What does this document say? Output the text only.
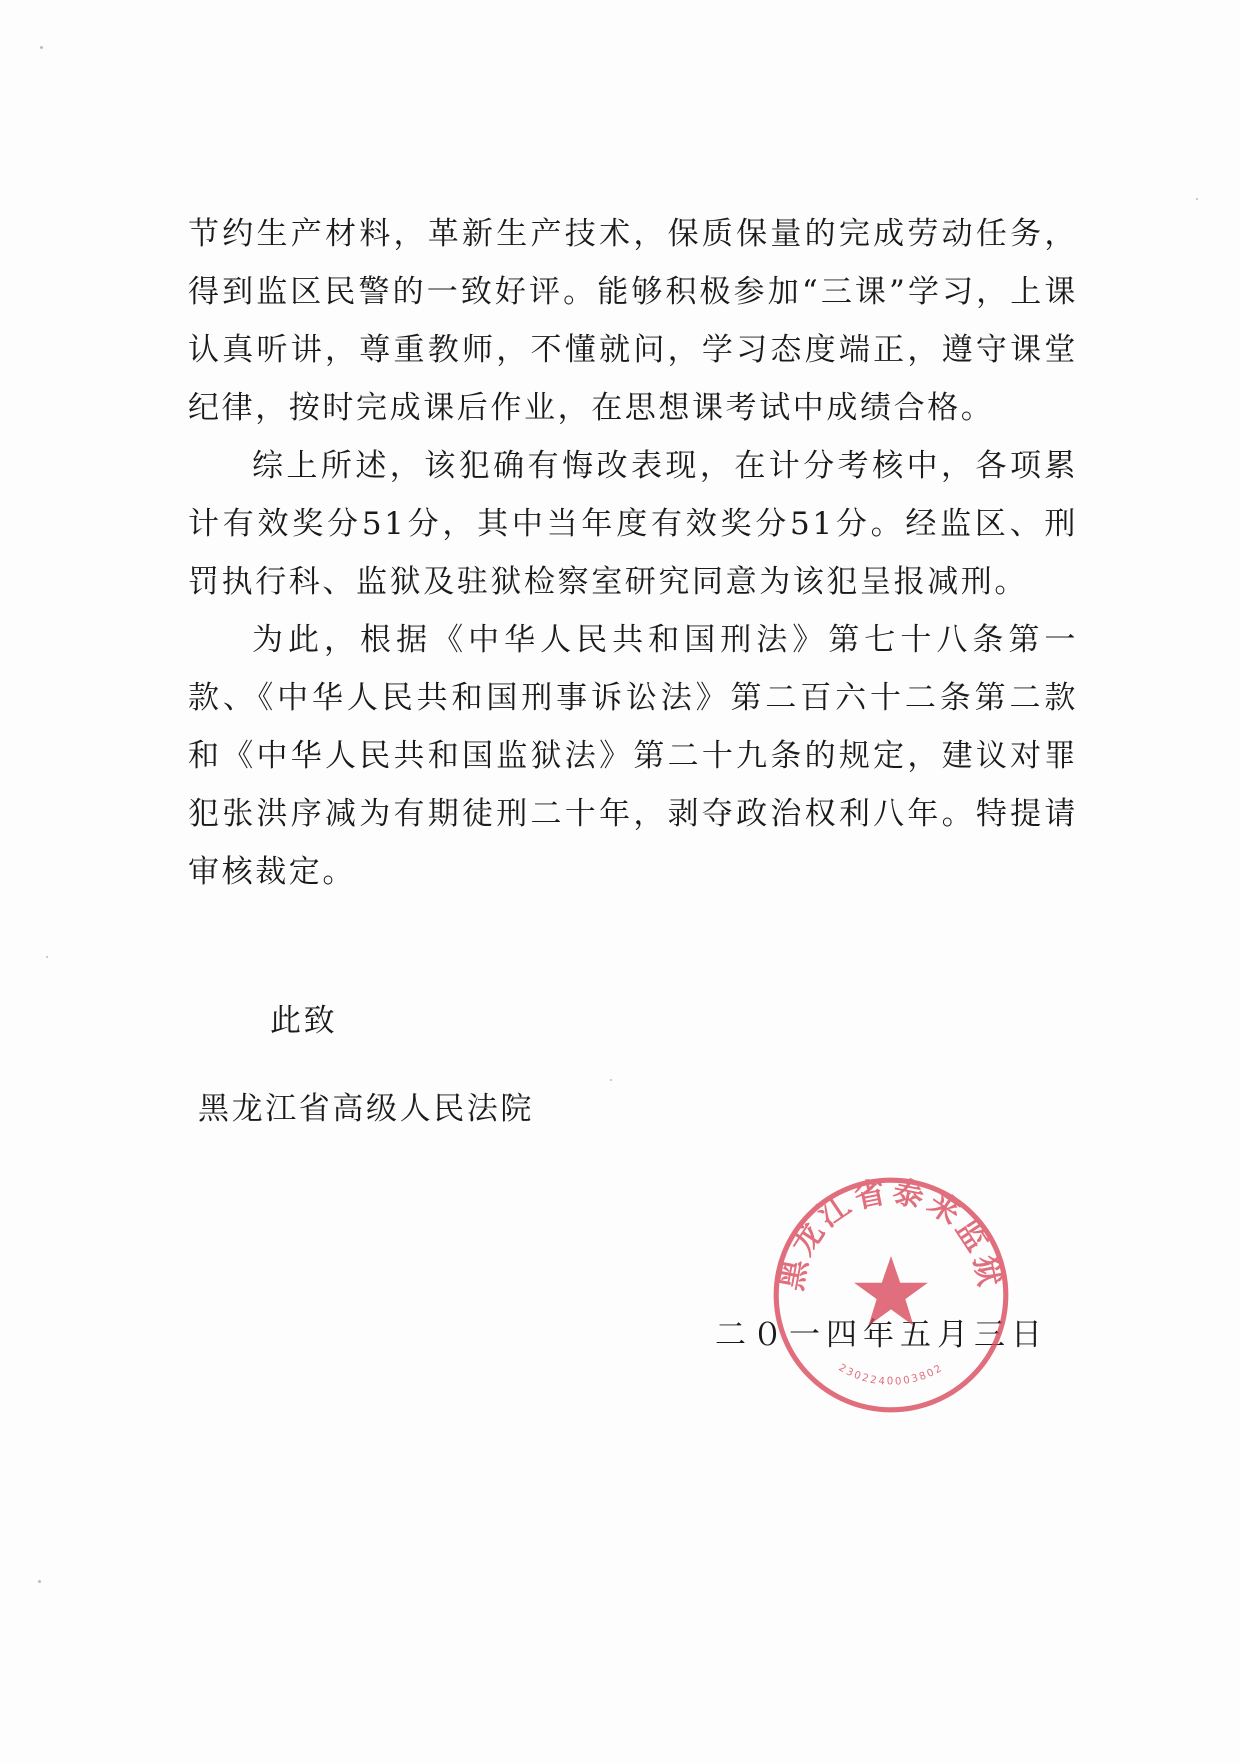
节约生产材料，革新生产技术，保质保量的完成劳动任务，得到监区民警的一致好评。能够积极参加“三课”学习，上课认真听讲，尊重教师，不懂就问，学习态度端正，遵守课堂纪律，按时完成课后作业，在思想课考试中成绩合格。

综上所述，该犯确有悔改表现，在计分考核中，各项累计有效奖分51分，其中当年度有效奖分51分。经监区、刑罚执行科、监狱及驻狱检察室研究同意为该犯呈报减刑。

为此，根据《中华人民共和国刑法》第七十八条第一款、《中华人民共和国刑事诉讼法》第二百六十二条第二款和《中华人民共和国监狱法》第二十九条的规定，建议对罪犯张洪序减为有期徒刑二十年，剥夺政治权利八年。特提请审核裁定。

此致

黑龙江省高级人民法院

二０一四年五月三日

黑龙江省泰来监狱
2302240003802
